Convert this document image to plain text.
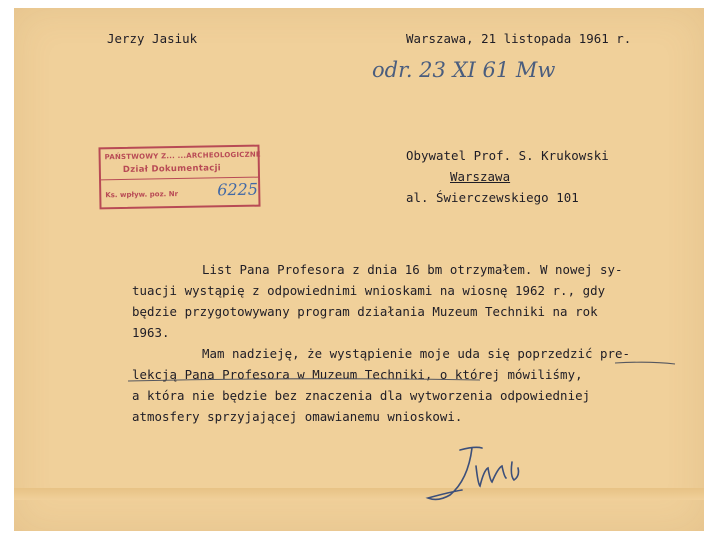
Jerzy Jasiuk	Warszawa, 21 listopada 1961 r.
odr. 23 XI 61 Mw
PAŃSTWOWY Z... ...ARCHEOLOGICZNE
Dział Dokumentacji
Ks. wpływ. poz. Nr 6225
Obywatel Prof. S. Krukowski
Warszawa
al. Świerczewskiego 101
List Pana Profesora z dnia 16 bm otrzymałem. W nowej sy-
tuacji wystąpię z odpowiednimi wnioskami na wiosnę 1962 r., gdy
będzie przygotowywany program działania Muzeum Techniki na rok
1963.
Mam nadzieję, że wystąpienie moje uda się poprzedzić pre-
lekcją Pana Profesora w Muzeum Techniki, o której mówiliśmy,
a która nie będzie bez znaczenia dla wytworzenia odpowiedniej
atmosfery sprzyjającej omawianemu wnioskowi.
